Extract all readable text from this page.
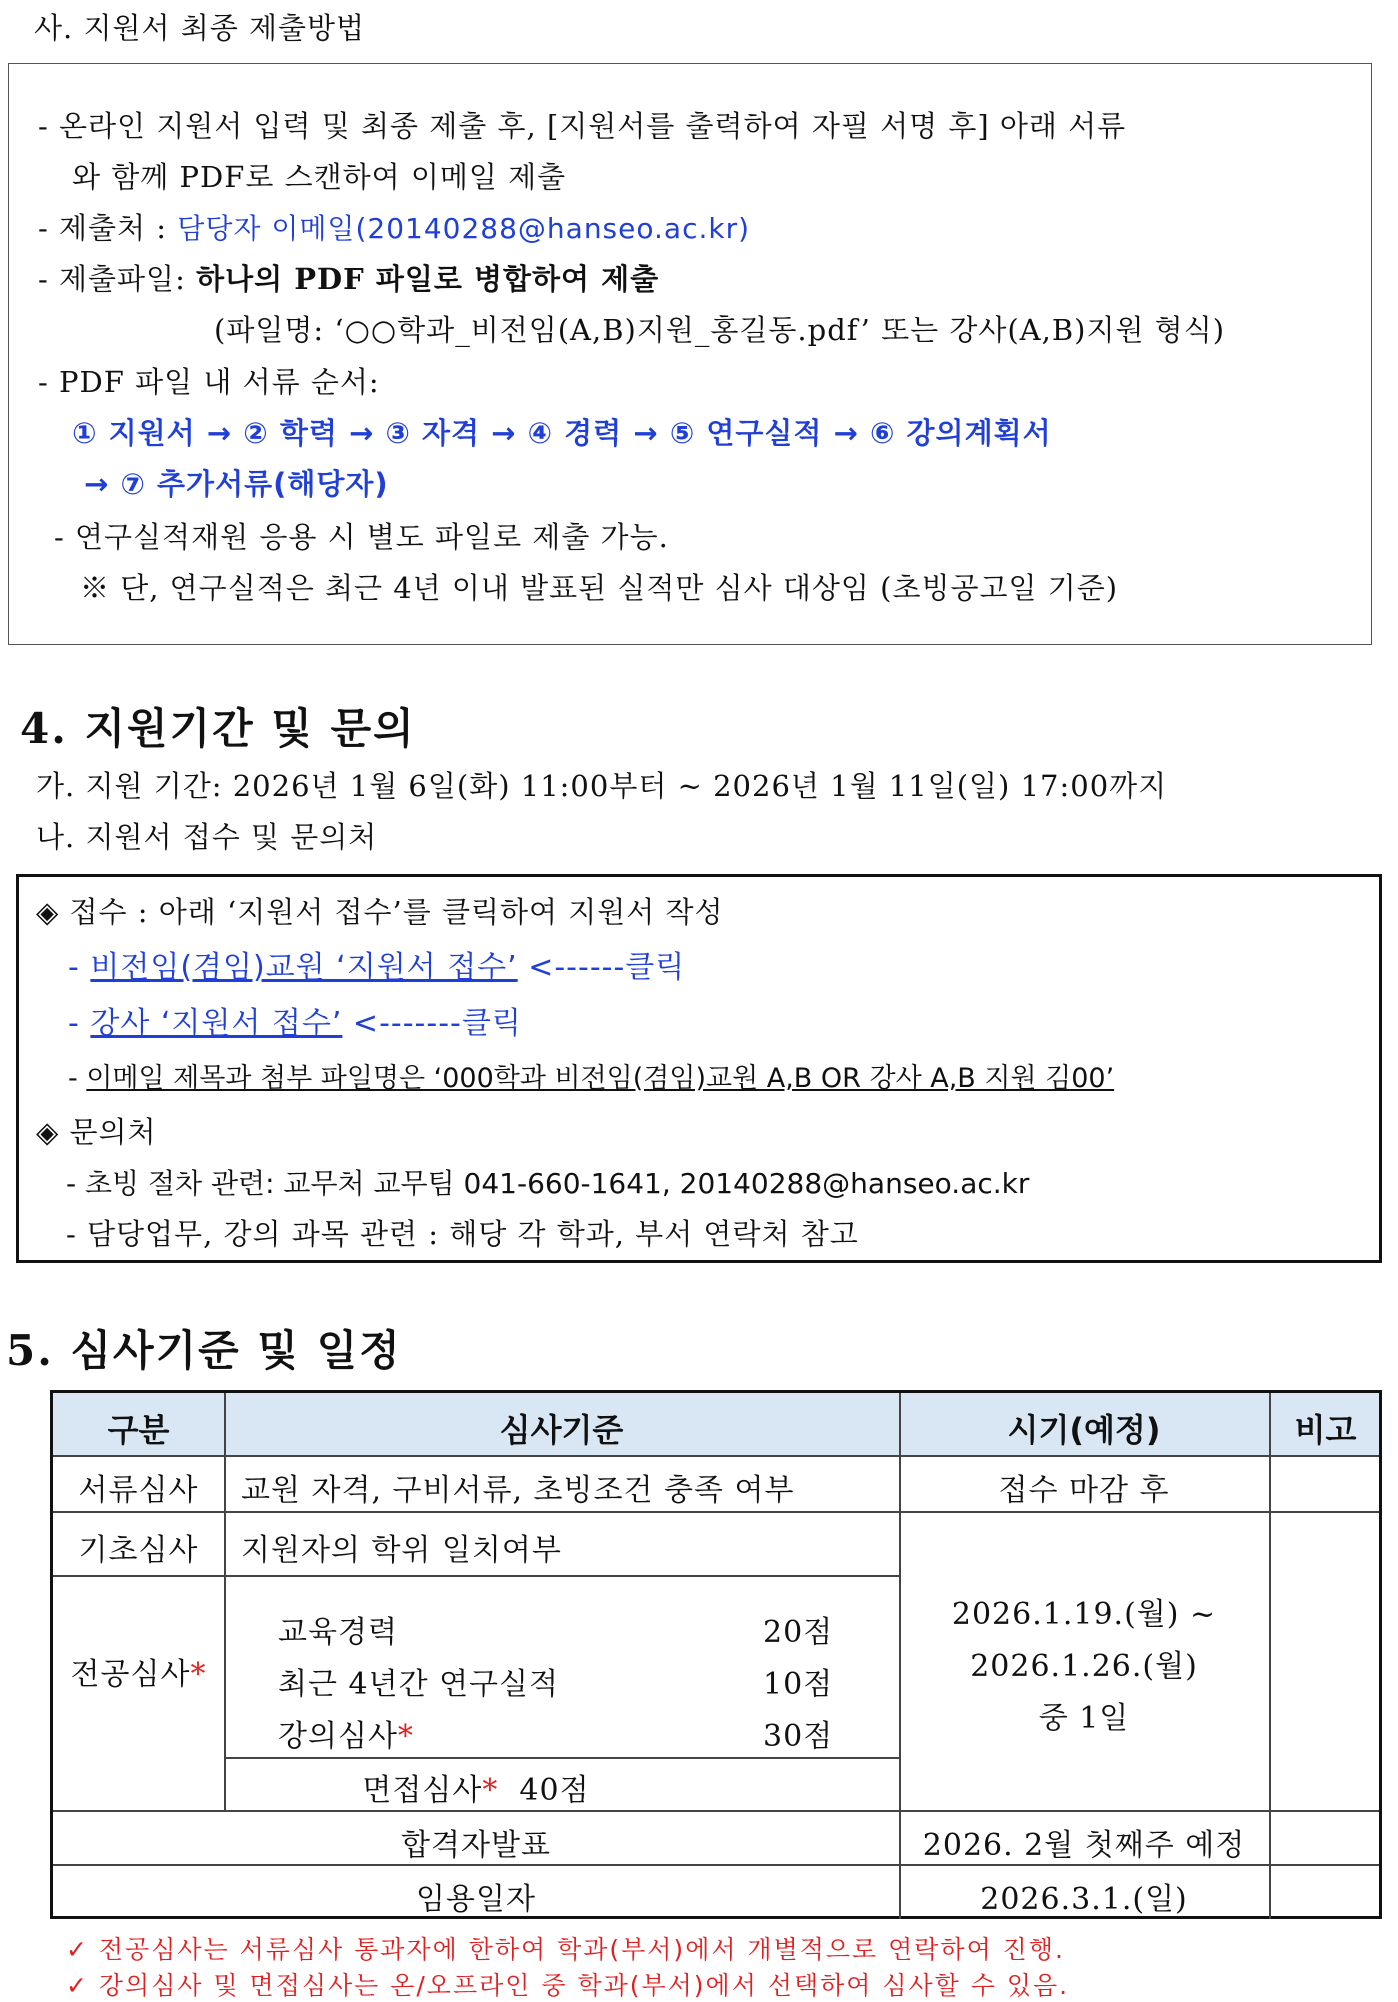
사. 지원서 최종 제출방법
- 온라인 지원서 입력 및 최종 제출 후, [지원서를 출력하여 자필 서명 후] 아래 서류
와 함께 PDF로 스캔하여 이메일 제출
- 제출처 : 담당자 이메일(20140288@hanseo.ac.kr)
- 제출파일: 하나의 PDF 파일로 병합하여 제출
(파일명: ‘○○학과_비전임(A,B)지원_홍길동.pdf’ 또는 강사(A,B)지원 형식)
- PDF 파일 내 서류 순서:
① 지원서 → ② 학력 → ③ 자격 → ④ 경력 → ⑤ 연구실적 → ⑥ 강의계획서
→ ⑦ 추가서류(해당자)
- 연구실적재원 응용 시 별도 파일로 제출 가능.
※ 단, 연구실적은 최근 4년 이내 발표된 실적만 심사 대상임 (초빙공고일 기준)
4. 지원기간 및 문의
가. 지원 기간: 2026년 1월 6일(화) 11:00부터 ~ 2026년 1월 11일(일) 17:00까지
나. 지원서 접수 및 문의처
◈ 접수 : 아래 ‘지원서 접수’를 클릭하여 지원서 작성
- 비전임(겸임)교원 ‘지원서 접수’ <------클릭
- 강사 ‘지원서 접수’ <-------클릭
- 이메일 제목과 첨부 파일명은 ‘000학과 비전임(겸임)교원 A,B OR 강사 A,B 지원 김00’
◈ 문의처
- 초빙 절차 관련: 교무처 교무팀 041-660-1641, 20140288@hanseo.ac.kr
- 담당업무, 강의 과목 관련 : 해당 각 학과, 부서 연락처 참고
5. 심사기준 및 일정
구분	심사기준	시기(예정)	비고
서류심사	교원 자격, 구비서류, 초빙조건 충족 여부	접수 마감 후
기초심사	지원자의 학위 일치여부
전공심사*
교육경력	20점
최근 4년간 연구실적	10점
강의심사*	30점
2026.1.19.(월) ~
2026.1.26.(월)
중 1일
면접심사* 40점
합격자발표	2026. 2월 첫째주 예정
임용일자	2026.3.1.(일)
✓ 전공심사는 서류심사 통과자에 한하여 학과(부서)에서 개별적으로 연락하여 진행.
✓ 강의심사 및 면접심사는 온/오프라인 중 학과(부서)에서 선택하여 심사할 수 있음.
